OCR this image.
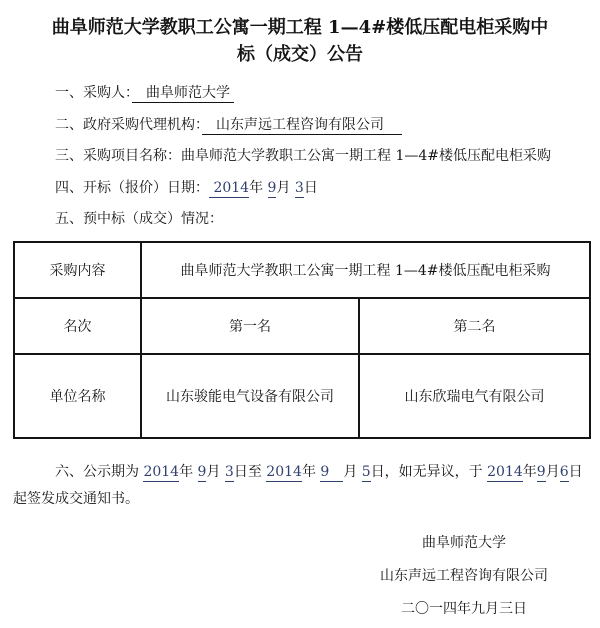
曲阜师范大学教职工公寓一期工程 1—4#楼低压配电柜采购中
标（成交）公告
一、采购人：　曲阜师范大学
二、政府采购代理机构：　山东声远工程咨询有限公司　
三、采购项目名称：曲阜师范大学教职工公寓一期工程 1—4#楼低压配电柜采购
四、开标（报价）日期： 2014年 9月 3日
五、预中标（成交）情况：
采购内容	曲阜师范大学教职工公寓一期工程 1—4#楼低压配电柜采购	
名次	第一名	第二名
单位名称	山东骏能电气设备有限公司	山东欣瑞电气有限公司

六、公示期为 2014年 9月 3日至 2014年 9　月 5日，如无异议，于 2014年9月6日起签发成交通知书。

曲阜师范大学
山东声远工程咨询有限公司
二〇一四年九月三日
